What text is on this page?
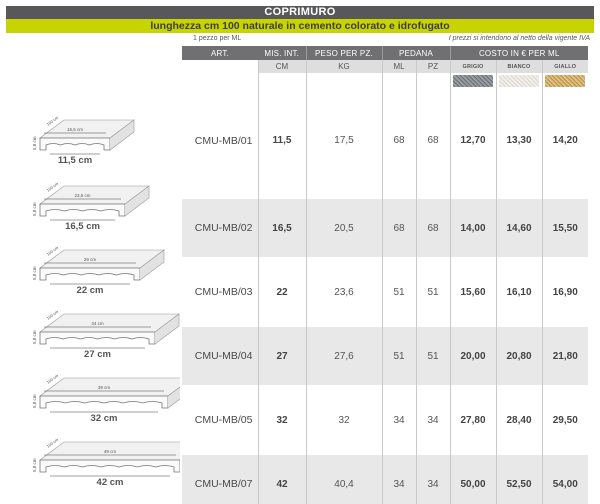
COPRIMURO
lunghezza cm 100 naturale in cemento colorato e idrofugato
1 pezzo per ML	I prezzi si intendono al netto della vigente IVA
ART.	MIS. INT.	PESO PER PZ.	PEDANA		COSTO IN € PER ML		
	CM	KG	ML	PZ	GRIGIO	BIANCO	GIALLO

CMU-MB/01	11,5	17,5	68	68	12,70	13,30	14,20

CMU-MB/02	16,5	20,5	68	68	14,00	14,60	15,50

CMU-MB/03	22	23,6	51	51	15,60	16,10	16,90

CMU-MB/04	27	27,6	51	51	20,00	20,80	21,80

CMU-MB/05	32	32	34	34	27,80	28,40	29,50

CMU-MB/07	42	40,4	34	34	50,00	52,50	54,00
16,5 cm
100 cm
5,8 cm
11,5 cm
23,5 cm
100 cm
5,8 cm
16,5 cm
29 cm
100 cm
5,8 cm
22 cm
34 cm
100 cm
5,8 cm
27 cm
39 cm
100 cm
5,8 cm
32 cm
49 cm
100 cm
5,8 cm
42 cm
